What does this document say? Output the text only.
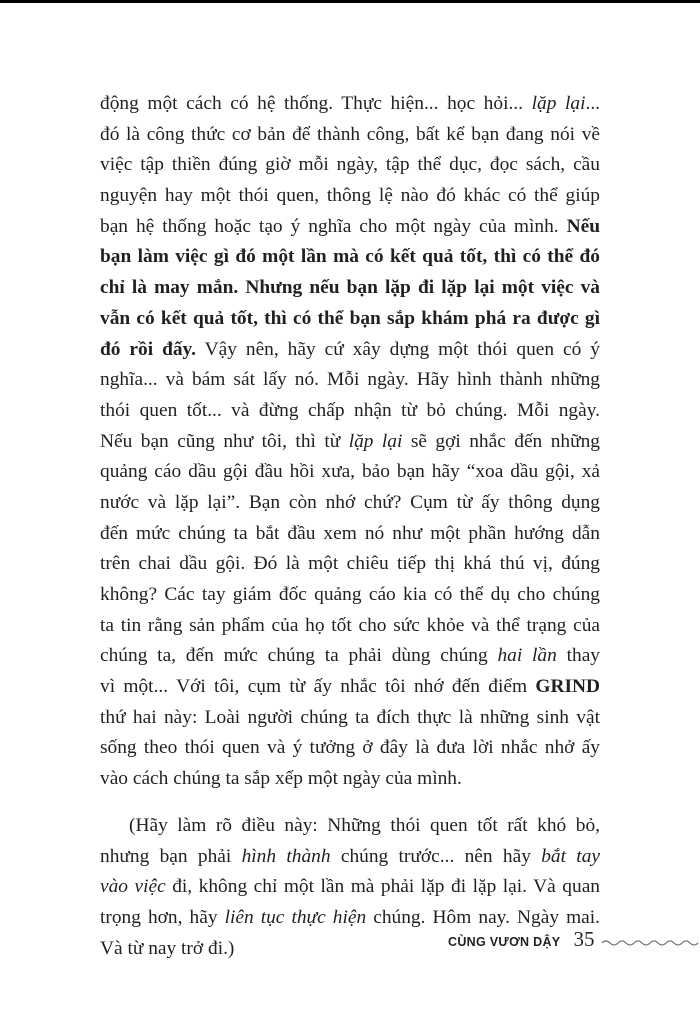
động một cách có hệ thống. Thực hiện... học hỏi... lặp lại...
đó là công thức cơ bản để thành công, bất kể bạn đang nói về
việc tập thiền đúng giờ mỗi ngày, tập thể dục, đọc sách, cầu
nguyện hay một thói quen, thông lệ nào đó khác có thể giúp
bạn hệ thống hoặc tạo ý nghĩa cho một ngày của mình. Nếu
bạn làm việc gì đó một lần mà có kết quả tốt, thì có thể đó
chỉ là may mắn. Nhưng nếu bạn lặp đi lặp lại một việc và
vẫn có kết quả tốt, thì có thể bạn sắp khám phá ra được gì
đó rồi đấy. Vậy nên, hãy cứ xây dựng một thói quen có ý
nghĩa... và bám sát lấy nó. Mỗi ngày. Hãy hình thành những
thói quen tốt... và đừng chấp nhận từ bỏ chúng. Mỗi ngày.
Nếu bạn cũng như tôi, thì từ lặp lại sẽ gợi nhắc đến những
quảng cáo dầu gội đầu hồi xưa, bảo bạn hãy “xoa dầu gội, xả
nước và lặp lại”. Bạn còn nhớ chứ? Cụm từ ấy thông dụng
đến mức chúng ta bắt đầu xem nó như một phần hướng dẫn
trên chai dầu gội. Đó là một chiêu tiếp thị khá thú vị, đúng
không? Các tay giám đốc quảng cáo kia có thể dụ cho chúng
ta tin rằng sản phẩm của họ tốt cho sức khỏe và thể trạng của
chúng ta, đến mức chúng ta phải dùng chúng hai lần thay
vì một... Với tôi, cụm từ ấy nhắc tôi nhớ đến điểm GRIND
thứ hai này: Loài người chúng ta đích thực là những sinh vật
sống theo thói quen và ý tưởng ở đây là đưa lời nhắc nhở ấy
vào cách chúng ta sắp xếp một ngày của mình.
(Hãy làm rõ điều này: Những thói quen tốt rất khó bỏ,
nhưng bạn phải hình thành chúng trước... nên hãy bắt tay
vào việc đi, không chỉ một lần mà phải lặp đi lặp lại. Và quan
trọng hơn, hãy liên tục thực hiện chúng. Hôm nay. Ngày mai.
Và từ nay trở đi.)	CÙNG VƯƠN DẬY 35
